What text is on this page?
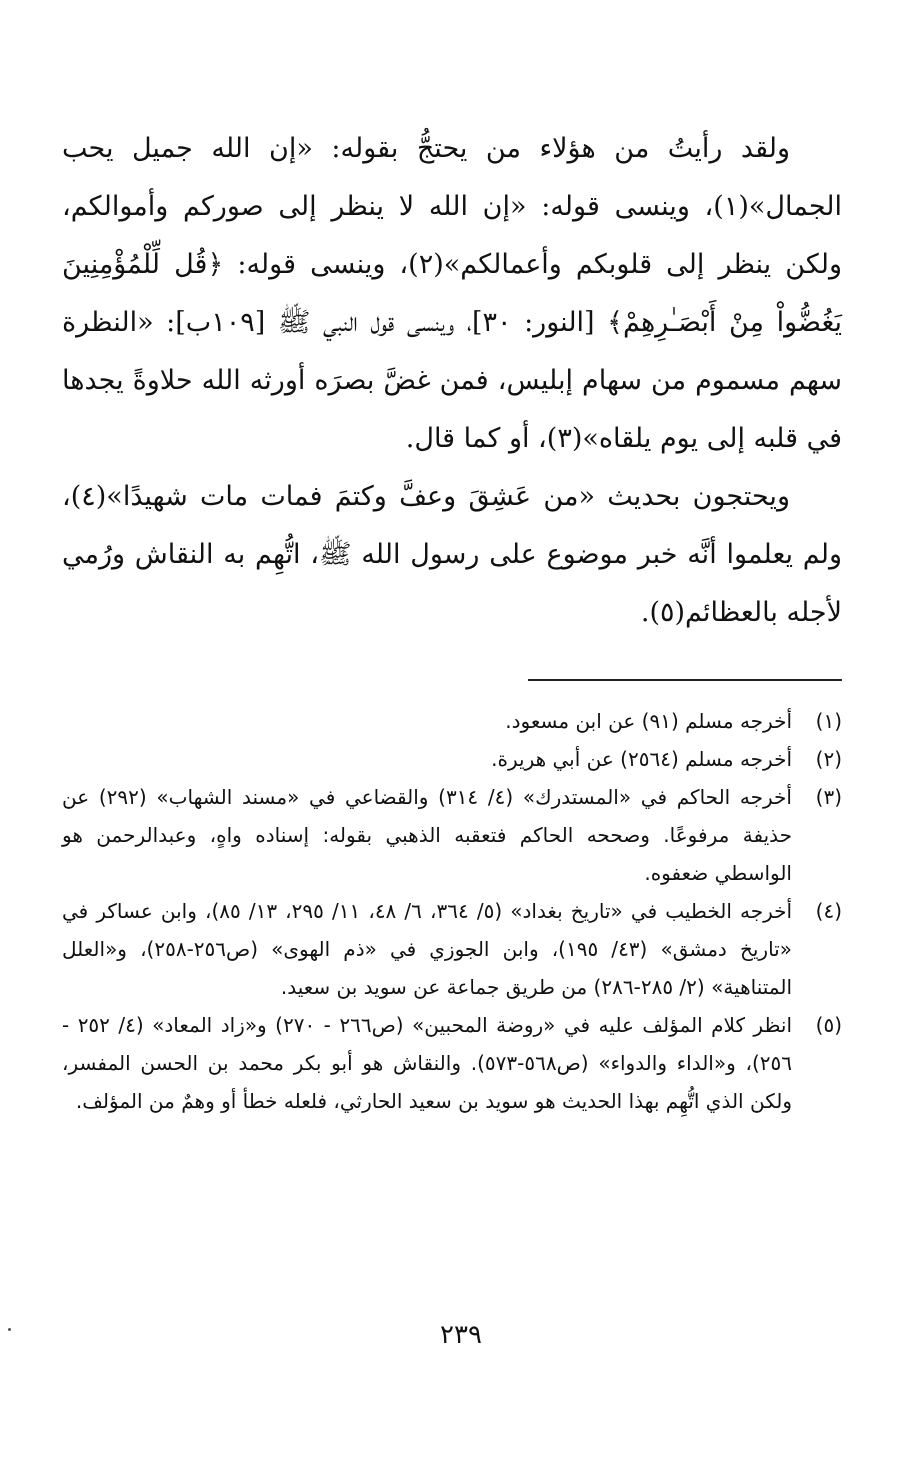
ولقد رأيتُ من هؤلاء من يحتجُّ بقوله: «إن الله جميل يحب الجمال»(١)، وينسى قوله: «إن الله لا ينظر إلى صوركم وأموالكم، ولكن ينظر إلى قلوبكم وأعمالكم»(٢)، وينسى قوله: ﴿قُل لِّلْمُؤْمِنِينَ يَغُضُّواْ مِنْ أَبْصَـٰرِهِمْ﴾ [النور: ٣٠]، وينسى قول النبي ﷺ [١٠٩ب]: «النظرة سهم مسموم من سهام إبليس، فمن غضَّ بصرَه أورثه الله حلاوةً يجدها في قلبه إلى يوم يلقاه»(٣)، أو كما قال.

ويحتجون بحديث «من عَشِقَ وعفَّ وكتمَ فمات مات شهيدًا»(٤)، ولم يعلموا أنَّه خبر موضوع على رسول الله ﷺ، اتُّهِم به النقاش ورُمي لأجله بالعظائم(٥).

(١)
أخرجه مسلم (٩١) عن ابن مسعود.
(٢)
أخرجه مسلم (٢٥٦٤) عن أبي هريرة.
(٣)
أخرجه الحاكم في «المستدرك» (٤/ ٣١٤) والقضاعي في «مسند الشهاب» (٢٩٢) عن حذيفة مرفوعًا. وصححه الحاكم فتعقبه الذهبي بقوله: إسناده واهٍ، وعبدالرحمن هو الواسطي ضعفوه.
(٤)
أخرجه الخطيب في «تاريخ بغداد» (٥/ ٣٦٤، ٦/ ٤٨، ١١/ ٢٩٥، ١٣/ ٨٥)، وابن عساكر في «تاريخ دمشق» (٤٣/ ١٩٥)، وابن الجوزي في «ذم الهوى» (ص٢٥٦-٢٥٨)، و«العلل المتناهية» (٢/ ٢٨٥-٢٨٦) من طريق جماعة عن سويد بن سعيد.
(٥)
انظر كلام المؤلف عليه في «روضة المحبين» (ص٢٦٦ - ٢٧٠) و«زاد المعاد» (٤/ ٢٥٢ - ٢٥٦)، و«الداء والدواء» (ص٥٦٨-٥٧٣). والنقاش هو أبو بكر محمد بن الحسن المفسر، ولكن الذي اتُّهِم بهذا الحديث هو سويد بن سعيد الحارثي، فلعله خطأ أو وهمٌ من المؤلف.
٢٣٩
